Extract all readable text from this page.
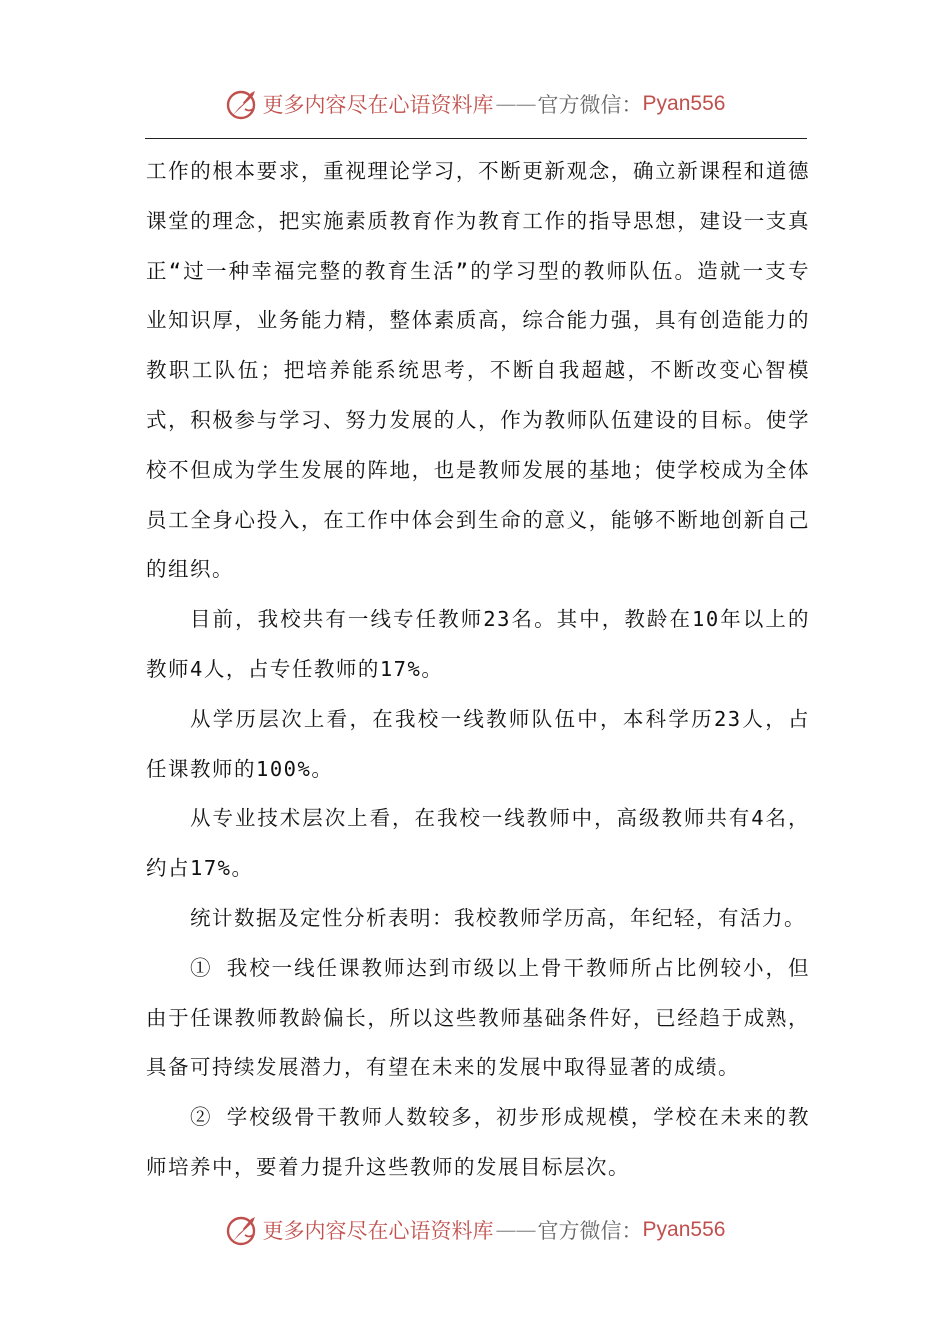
更多内容尽在心语资料库 —— 官方微信： Pyan556

工作的根本要求，重视理论学习，不断更新观念，确立新课程和道德课堂的理念，把实施素质教育作为教育工作的指导思想，建设一支真正“过一种幸福完整的教育生活”的学习型的教师队伍。造就一支专业知识厚，业务能力精，整体素质高，综合能力强，具有创造能力的教职工队伍；把培养能系统思考，不断自我超越，不断改变心智模式，积极参与学习、努力发展的人，作为教师队伍建设的目标。使学校不但成为学生发展的阵地，也是教师发展的基地；使学校成为全体员工全身心投入，在工作中体会到生命的意义，能够不断地创新自己的组织。

目前，我校共有一线专任教师23名。其中，教龄在10年以上的教师4人，占专任教师的17%。

从学历层次上看，在我校一线教师队伍中，本科学历23人，占任课教师的100%。

从专业技术层次上看，在我校一线教师中，高级教师共有4名，约占17%。

统计数据及定性分析表明：我校教师学历高，年纪轻，有活力。

① 我校一线任课教师达到市级以上骨干教师所占比例较小，但由于任课教师教龄偏长，所以这些教师基础条件好，已经趋于成熟，具备可持续发展潜力，有望在未来的发展中取得显著的成绩。

② 学校级骨干教师人数较多，初步形成规模，学校在未来的教师培养中，要着力提升这些教师的发展目标层次。

更多内容尽在心语资料库 —— 官方微信： Pyan556
